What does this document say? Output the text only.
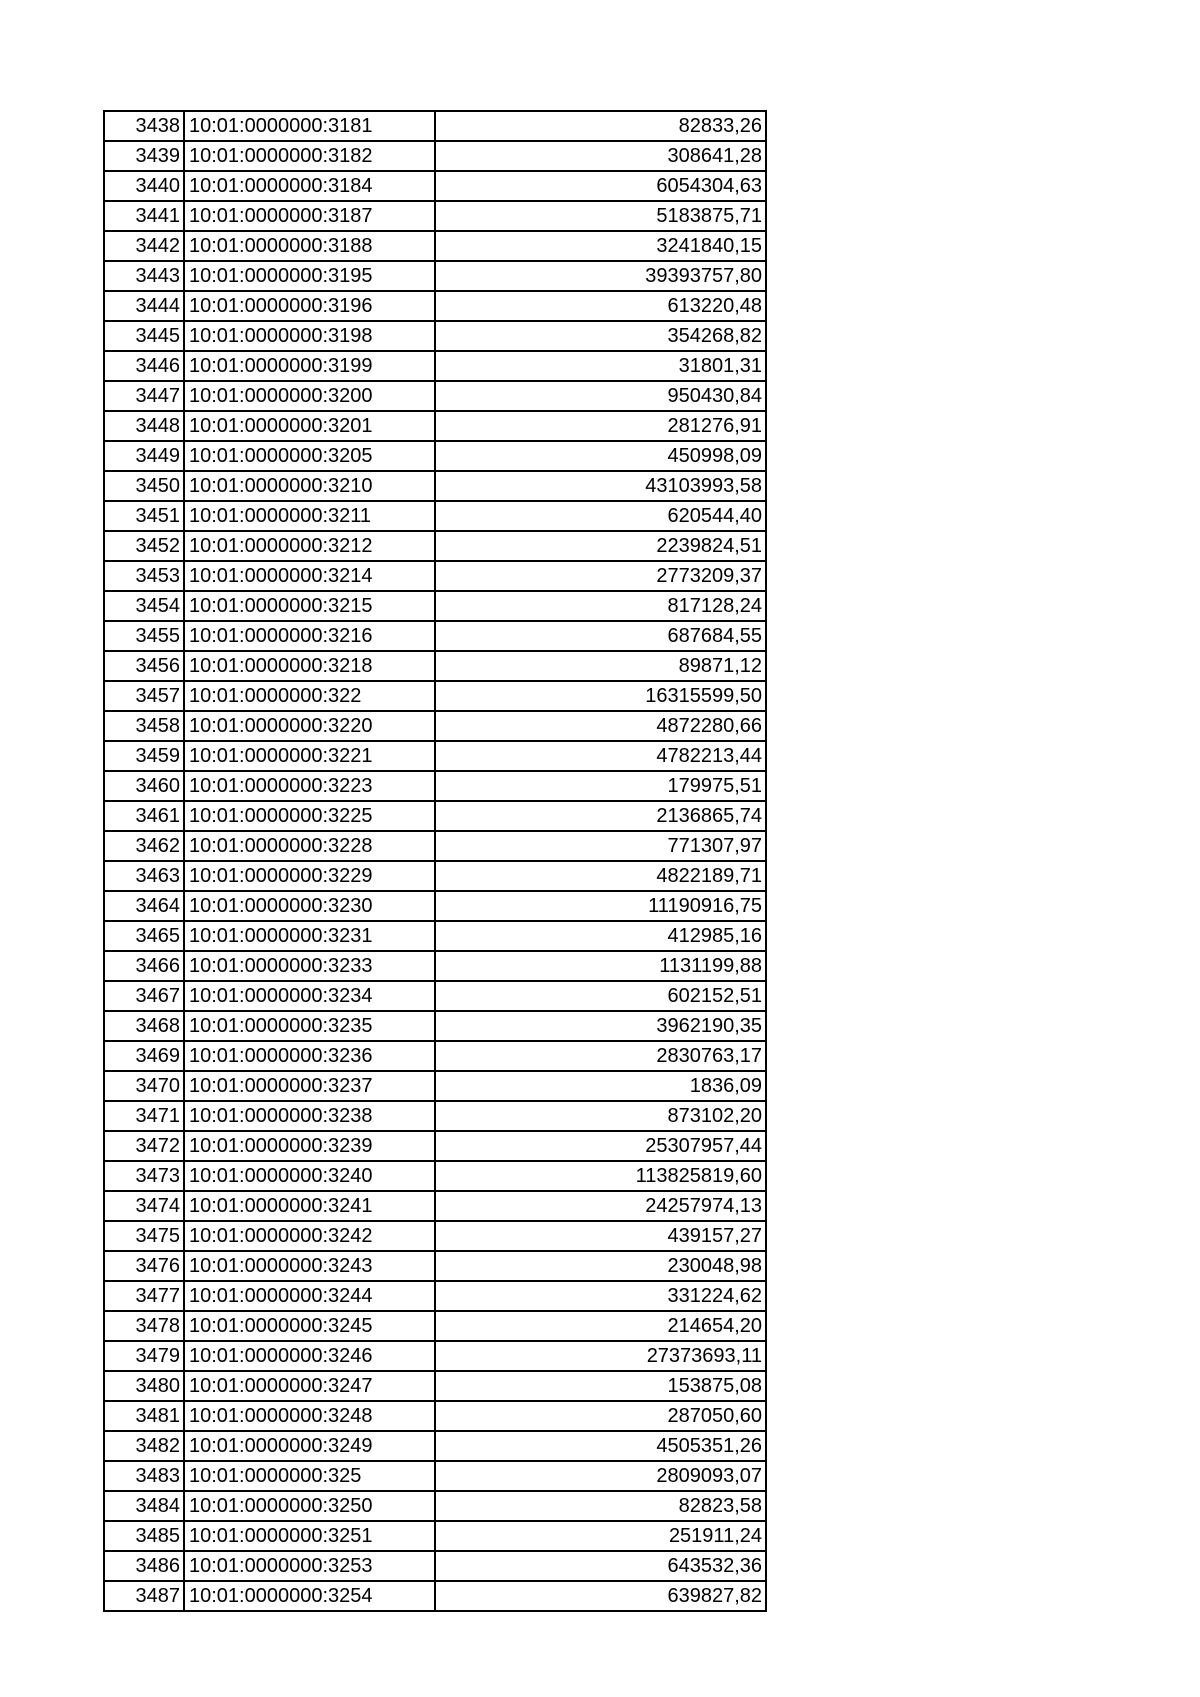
3438	10:01:0000000:3181	82833,26
3439	10:01:0000000:3182	308641,28
3440	10:01:0000000:3184	6054304,63
3441	10:01:0000000:3187	5183875,71
3442	10:01:0000000:3188	3241840,15
3443	10:01:0000000:3195	39393757,80
3444	10:01:0000000:3196	613220,48
3445	10:01:0000000:3198	354268,82
3446	10:01:0000000:3199	31801,31
3447	10:01:0000000:3200	950430,84
3448	10:01:0000000:3201	281276,91
3449	10:01:0000000:3205	450998,09
3450	10:01:0000000:3210	43103993,58
3451	10:01:0000000:3211	620544,40
3452	10:01:0000000:3212	2239824,51
3453	10:01:0000000:3214	2773209,37
3454	10:01:0000000:3215	817128,24
3455	10:01:0000000:3216	687684,55
3456	10:01:0000000:3218	89871,12
3457	10:01:0000000:322	16315599,50
3458	10:01:0000000:3220	4872280,66
3459	10:01:0000000:3221	4782213,44
3460	10:01:0000000:3223	179975,51
3461	10:01:0000000:3225	2136865,74
3462	10:01:0000000:3228	771307,97
3463	10:01:0000000:3229	4822189,71
3464	10:01:0000000:3230	11190916,75
3465	10:01:0000000:3231	412985,16
3466	10:01:0000000:3233	1131199,88
3467	10:01:0000000:3234	602152,51
3468	10:01:0000000:3235	3962190,35
3469	10:01:0000000:3236	2830763,17
3470	10:01:0000000:3237	1836,09
3471	10:01:0000000:3238	873102,20
3472	10:01:0000000:3239	25307957,44
3473	10:01:0000000:3240	113825819,60
3474	10:01:0000000:3241	24257974,13
3475	10:01:0000000:3242	439157,27
3476	10:01:0000000:3243	230048,98
3477	10:01:0000000:3244	331224,62
3478	10:01:0000000:3245	214654,20
3479	10:01:0000000:3246	27373693,11
3480	10:01:0000000:3247	153875,08
3481	10:01:0000000:3248	287050,60
3482	10:01:0000000:3249	4505351,26
3483	10:01:0000000:325	2809093,07
3484	10:01:0000000:3250	82823,58
3485	10:01:0000000:3251	251911,24
3486	10:01:0000000:3253	643532,36
3487	10:01:0000000:3254	639827,82
